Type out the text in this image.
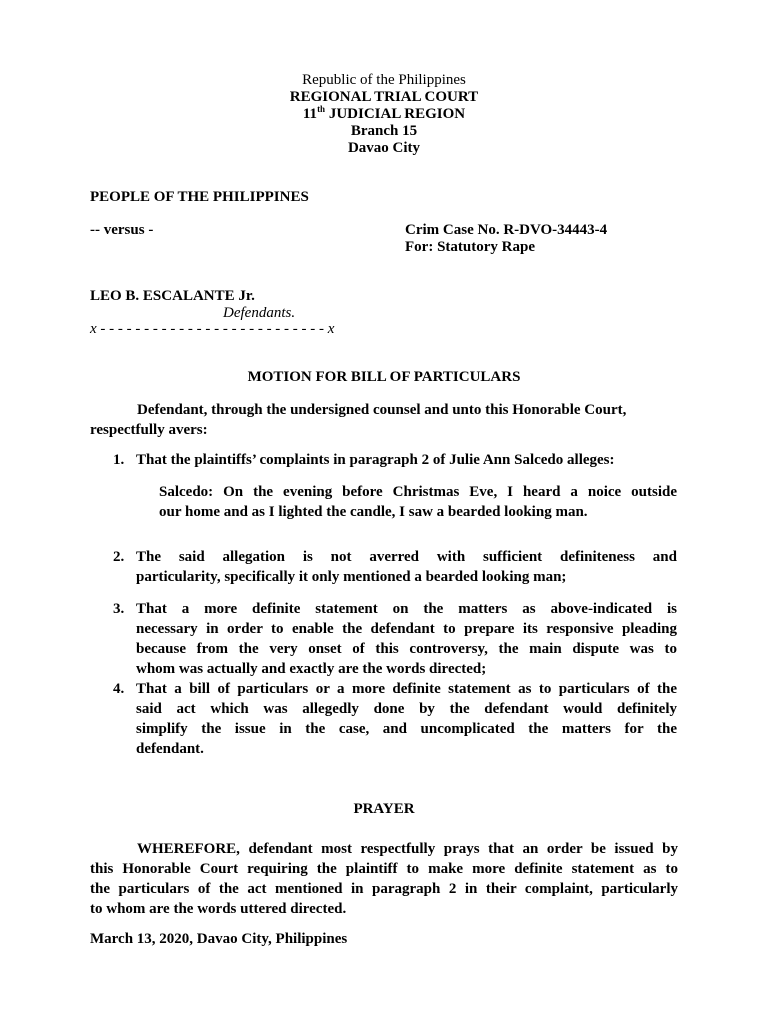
Republic of the Philippines
REGIONAL TRIAL COURT
11th JUDICIAL REGION
Branch 15
Davao City
PEOPLE OF THE PHILIPPINES
-- versus -	Crim Case No. R-DVO-34443-4
For: Statutory Rape
LEO B. ESCALANTE Jr.
Defendants.
x - - - - - - - - - - - - - - - - - - - - - - - - - - x
MOTION FOR BILL OF PARTICULARS
Defendant, through the undersigned counsel and unto this Honorable Court,
respectfully avers:
1. That the plaintiffs’ complaints in paragraph 2 of Julie Ann Salcedo alleges:
Salcedo: On the evening before Christmas Eve, I heard a noice outside
our home and as I lighted the candle, I saw a bearded looking man.
2. The said allegation is not averred with sufficient definiteness and
particularity, specifically it only mentioned a bearded looking man;
3. That a more definite statement on the matters as above-indicated is
necessary in order to enable the defendant to prepare its responsive pleading
because from the very onset of this controversy, the main dispute was to
whom was actually and exactly are the words directed;
4. That a bill of particulars or a more definite statement as to particulars of the
said act which was allegedly done by the defendant would definitely
simplify the issue in the case, and uncomplicated the matters for the
defendant.
PRAYER
WHEREFORE, defendant most respectfully prays that an order be issued by
this Honorable Court requiring the plaintiff to make more definite statement as to
the particulars of the act mentioned in paragraph 2 in their complaint, particularly
to whom are the words uttered directed.
March 13, 2020, Davao City, Philippines
